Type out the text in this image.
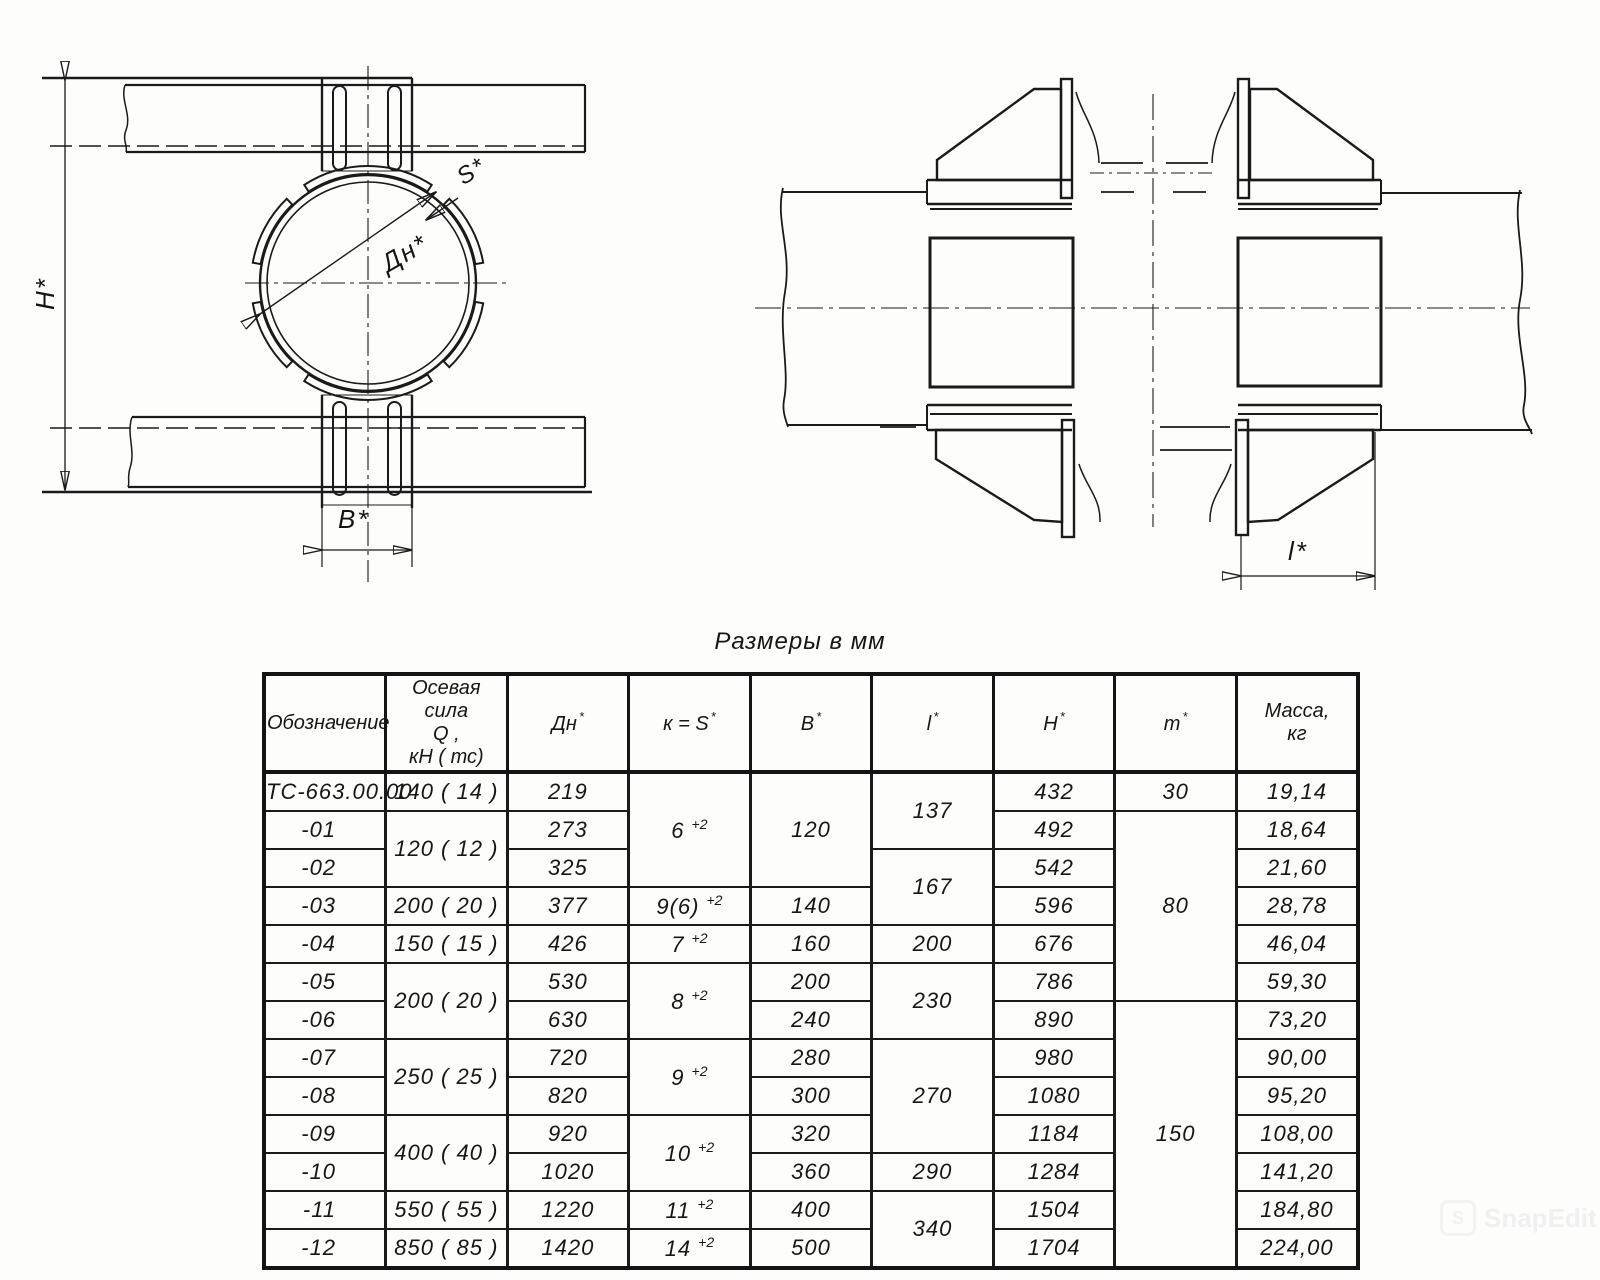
H*
S*
Дн*
B*
l*
Размеры в мм
Обозначение	Осевая сила
Q ,
кН ( тс)	Дн *	к = S *	B *	l *	H *	m *	Масса,
кг
ТС-663.00.00	140 ( 14 )	219	6 $^{+2}$	120	137	432	30	19,14
-01	120 ( 12 )	273				492	80	18,64
-02		325			167	542		21,60
-03	200 ( 20 )	377	9(6) $^{+2}$	140		596		28,78
-04	150 ( 15 )	426	7 $^{+2}$	160	200	676		46,04
-05	200 ( 20 )	530	8 $^{+2}$	200	230	786		59,30
-06		630		240		890	150	73,20
-07	250 ( 25 )	720	9 $^{+2}$	280	270	980		90,00
-08		820		300		1080		95,20
-09	400 ( 40 )	920	10 $^{+2}$	320		1184		108,00
-10		1020		360	290	1284		141,20
-11	550 ( 55 )	1220	11 $^{+2}$	400	340	1504		184,80
-12	850 ( 85 )	1420	14 $^{+2}$	500		1704		224,00
S SnapEdit
